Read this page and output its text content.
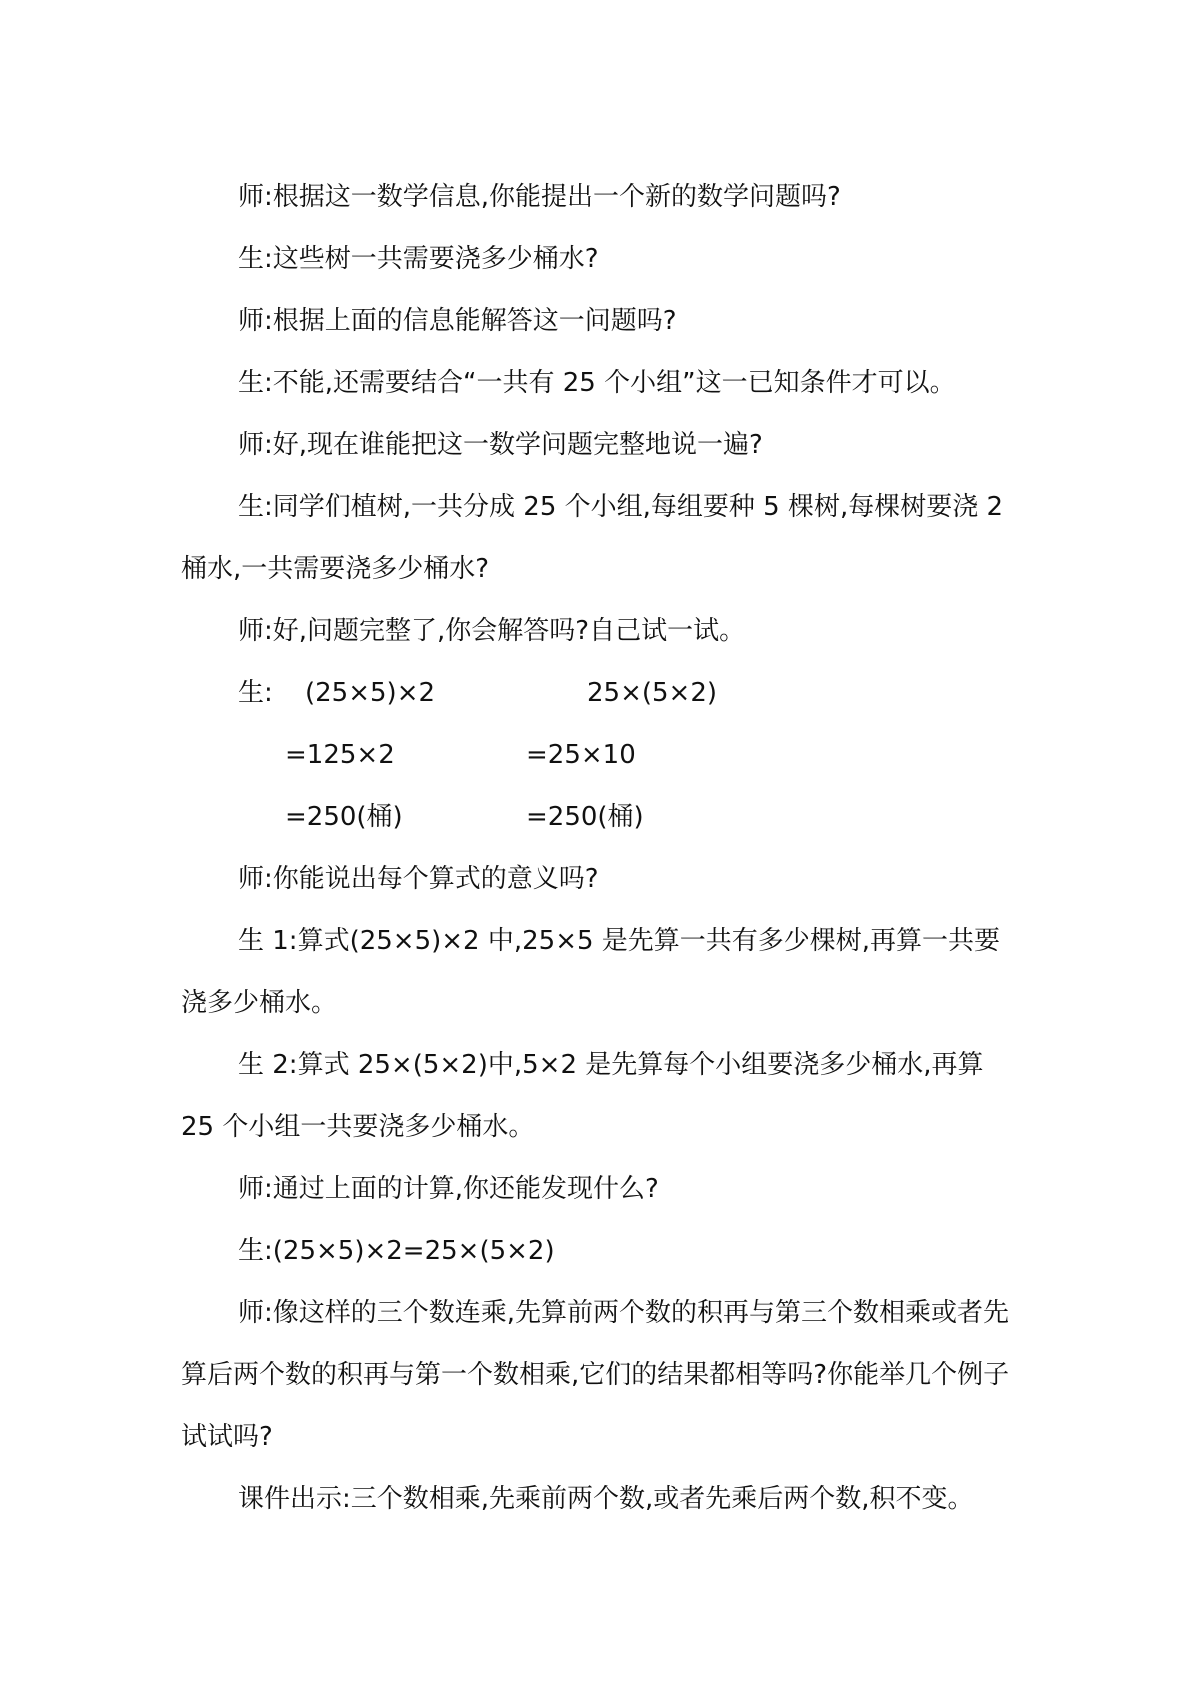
师:根据这一数学信息,你能提出一个新的数学问题吗?

生:这些树一共需要浇多少桶水?

师:根据上面的信息能解答这一问题吗?

生:不能,还需要结合“一共有 25 个小组”这一已知条件才可以。

师:好,现在谁能把这一数学问题完整地说一遍?

生:同学们植树,一共分成 25 个小组,每组要种 5 棵树,每棵树要浇 2 桶水,一共需要浇多少桶水?

师:好,问题完整了,你会解答吗?自己试一试。

生: (25×5)×2
=125×2
=250(桶)
25×(5×2)
=25×10
=250(桶)

师:你能说出每个算式的意义吗?

生 1:算式(25×5)×2 中,25×5 是先算一共有多少棵树,再算一共要浇多少桶水。

生 2:算式 25×(5×2)中,5×2 是先算每个小组要浇多少桶水,再算 25 个小组一共要浇多少桶水。

师:通过上面的计算,你还能发现什么?

生:(25×5)×2=25×(5×2)

师:像这样的三个数连乘,先算前两个数的积再与第三个数相乘或者先算后两个数的积再与第一个数相乘,它们的结果都相等吗?你能举几个例子试试吗?

课件出示:三个数相乘,先乘前两个数,或者先乘后两个数,积不变。
